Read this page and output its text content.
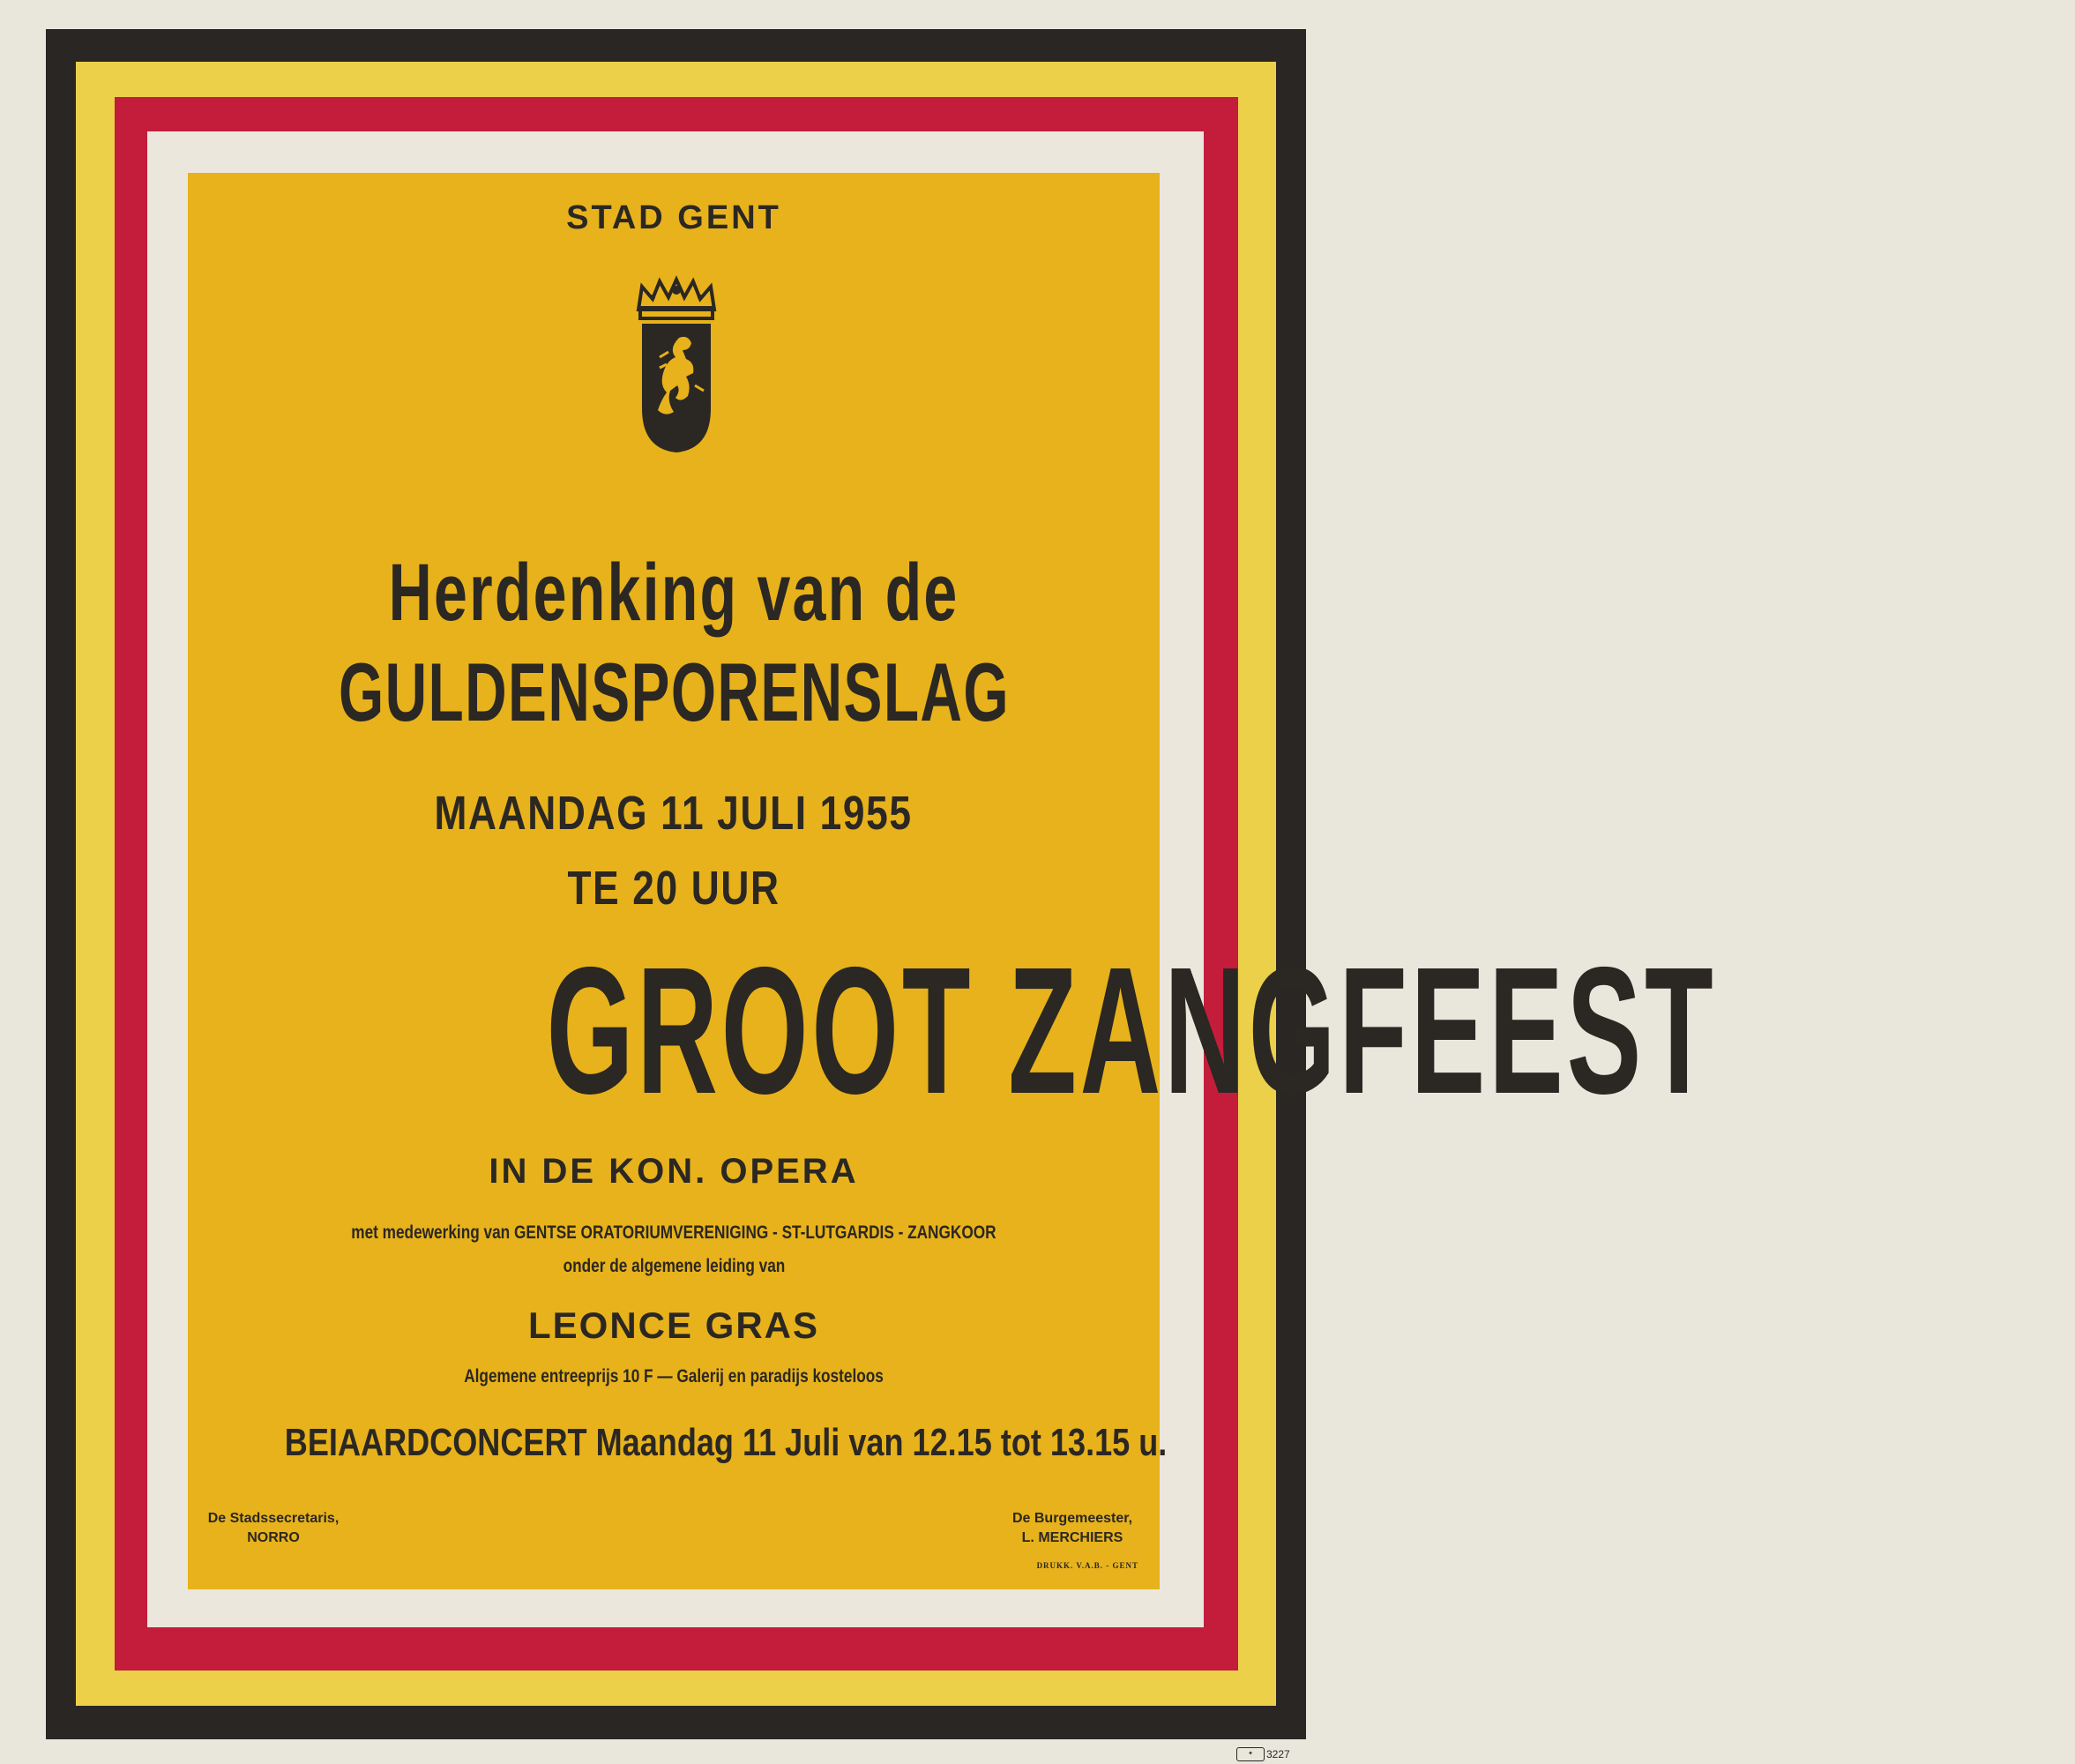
STAD GENT
Herdenking van de
GULDENSPORENSLAG
MAANDAG 11 JULI 1955
TE 20 UUR
GROOT ZANGFEEST
IN DE KON. OPERA
met medewerking van GENTSE ORATORIUMVERENIGING - ST-LUTGARDIS - ZANGKOOR
onder de algemene leiding van
LEONCE GRAS
Algemene entreeprijs 10 F — Galerij en paradijs kosteloos
BEIAARDCONCERT Maandag 11 Juli van 12.15 tot 13.15 u.
De Stadssecretaris,
NORRO
De Burgemeester,
L. MERCHIERS
DRUKK. V.A.B. - GENT
✦	3227
